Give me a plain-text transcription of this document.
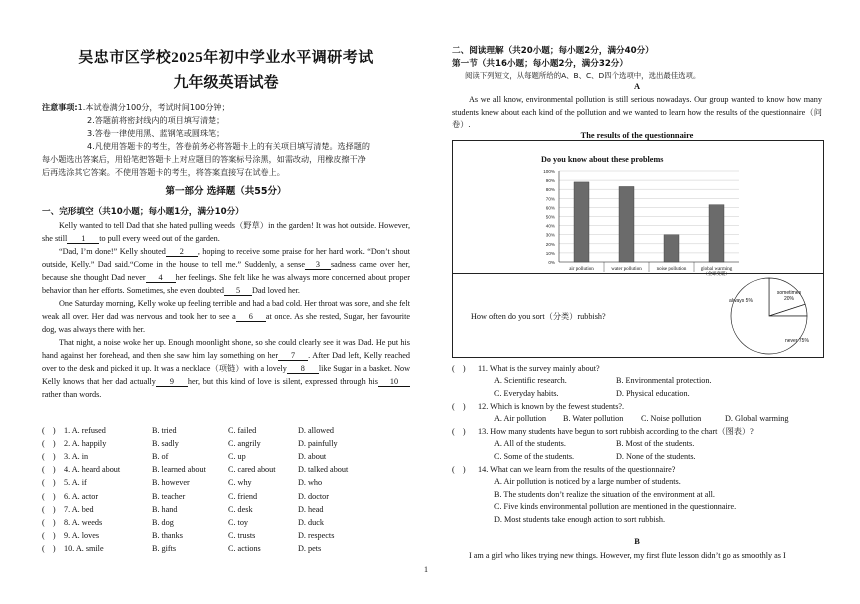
吴忠市区学校2025年初中学业水平调研考试
九年级英语试卷
注意事项:1.本试卷满分100分，考试时间100分钟；
2.答题前将密封线内的项目填写清楚；
3.答卷一律使用黑、蓝钢笔或圆珠笔；
4.凡使用答题卡的考生，答卷前务必将答题卡上的有关项目填写清楚。选择题的
每小题选出答案后，用铅笔把答题卡上对应题目的答案标号涂黑，如需改动，用橡皮擦干净
后再选涂其它答案。不使用答题卡的考生，将答案直接写在试卷上。
第一部分 选择题（共55分）
一、完形填空（共10小题；每小题1分，满分10分）

Kelly wanted to tell Dad that she hated pulling weeds（野草）in the garden! It was hot outside. However, she still 1 to pull every weed out of the garden.

“Dad, I’m done!” Kelly shouted 2 , hoping to receive some praise for her hard work. “Don’t shout outside, Kelly.” Dad said.“Come in the house to tell me.” Suddenly, a sense 3 sadness came over her, because she thought Dad never 4 her feelings. She felt like he was always more concerned about proper behavior than her efforts. Sometimes, she even doubted 5 Dad loved her.

One Saturday morning, Kelly woke up feeling terrible and had a bad cold. Her throat was sore, and she felt weak all over. Her dad was nervous and took her to see a 6 at once. As she rested, Sugar, her favourite dog, was always there with her.

That night, a noise woke her up. Enough moonlight shone, so she could clearly see it was Dad. He put his hand against her forehead, and then she saw him lay something on her 7 . After Dad left, Kelly reached over to the desk and picked it up. It was a necklace（项链）with a lovely 8 like Sugar in a basket. Now Kelly knows that her dad actually 9 her, but this kind of love is silent, expressed through his 10rather than words.

( )	1. A. refused	B. tried	C. failed	D. allowed
( )	2. A. happily	B. sadly	C. angrily	D. painfully
( )	3. A. in	B. of	C. up	D. about
( )	4. A. heard about	B. learned about	C. cared about	D. talked about
( )	5. A. if	B. however	C. why	D. who
( )	6. A. actor	B. teacher	C. friend	D. doctor
( )	7. A. bed	B. hand	C. desk	D. head
( )	8. A. weeds	B. dog	C. toy	D. duck
( )	9. A. loves	B. thanks	C. trusts	D. respects
( )	10. A. smile	B. gifts	C. actions	D. pets
二、阅读理解（共20小题；每小题2分，满分40分）
第一节（共16小题；每小题2分，满分32分）
阅读下列短文，从每题所给的A、B、C、D四个选项中，选出最佳选项。
A

As we all know, environmental pollution is still serious nowadays. Our group wanted to know how many students knew about each kind of the pollution and we wanted to learn how the results of the questionnaire（问卷）.

The results of the questionnaire
Do you know about these problems
100%
90%
80%
70%
60%
50%
40%
30%
20%
10%
0%
air pollution	water pollution	noise pollution	global warming
（全球变暖）
How often do you sort（分类）rubbish?
sometimes
20%
always 5%
never 75%
( )	11. What is the survey mainly about?
A. Scientific research.	B. Environmental protection.
C. Everyday habits.	D. Physical education.
( )	12. Which is known by the fewest students?.
A. Air pollution	B. Water pollution	C. Noise pollution	D. Global warming
( )	13. How many students have begun to sort rubbish according to the chart（图表）?
A. All of the students.	B. Most of the students.
C. Some of the students.	D. None of the students.
( )	14. What can we learn from the results of the questionnaire?
A. Air pollution is noticed by a large number of students.
B. The students don’t realize the situation of the environment at all.
C. Five kinds environmental pollution are mentioned in the questionnaire.
D. Most students take enough action to sort rubbish.
B

I am a girl who likes trying new things. However, my first flute lesson didn’t go as smoothly as I

1
